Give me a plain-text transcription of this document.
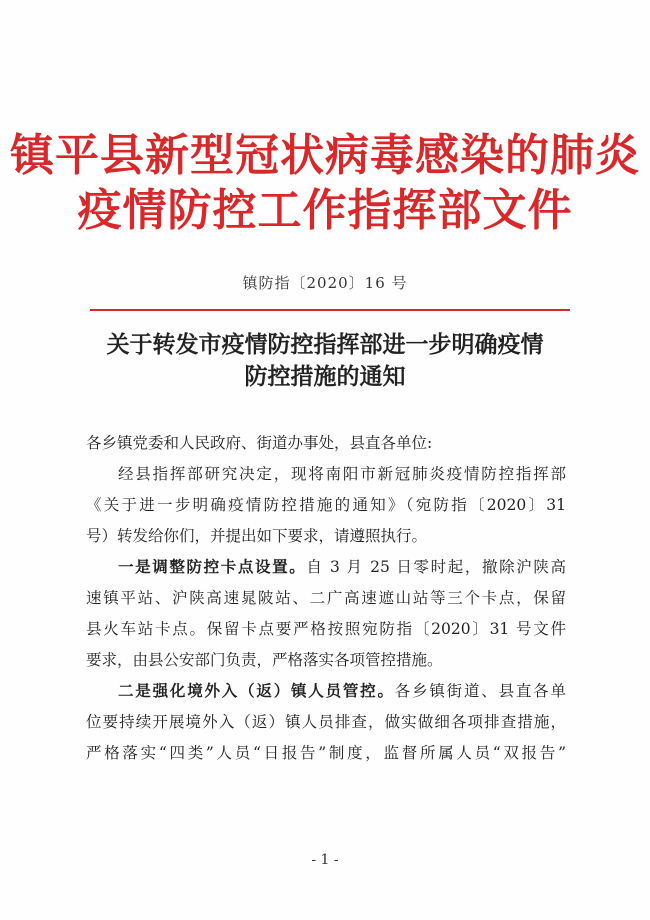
镇平县新型冠状病毒感染的肺炎
疫情防控工作指挥部文件
镇防指〔2020〕16 号
关于转发市疫情防控指挥部进一步明确疫情
防控措施的通知
各乡镇党委和人民政府、街道办事处，县直各单位:
经县指挥部研究决定，现将南阳市新冠肺炎疫情防控指挥部
《关于进一步明确疫情防控措施的通知》（宛防指〔2020〕31
号）转发给你们，并提出如下要求，请遵照执行。
一是调整防控卡点设置。自 3 月 25 日零时起，撤除沪陕高
速镇平站、沪陕高速晁陂站、二广高速遮山站等三个卡点，保留
县火车站卡点。保留卡点要严格按照宛防指〔2020〕31 号文件
要求，由县公安部门负责，严格落实各项管控措施。
二是强化境外入（返）镇人员管控。各乡镇街道、县直各单
位要持续开展境外入（返）镇人员排查，做实做细各项排查措施，
严格落实“四类”人员“日报告”制度，监督所属人员“双报告”
- 1 -
